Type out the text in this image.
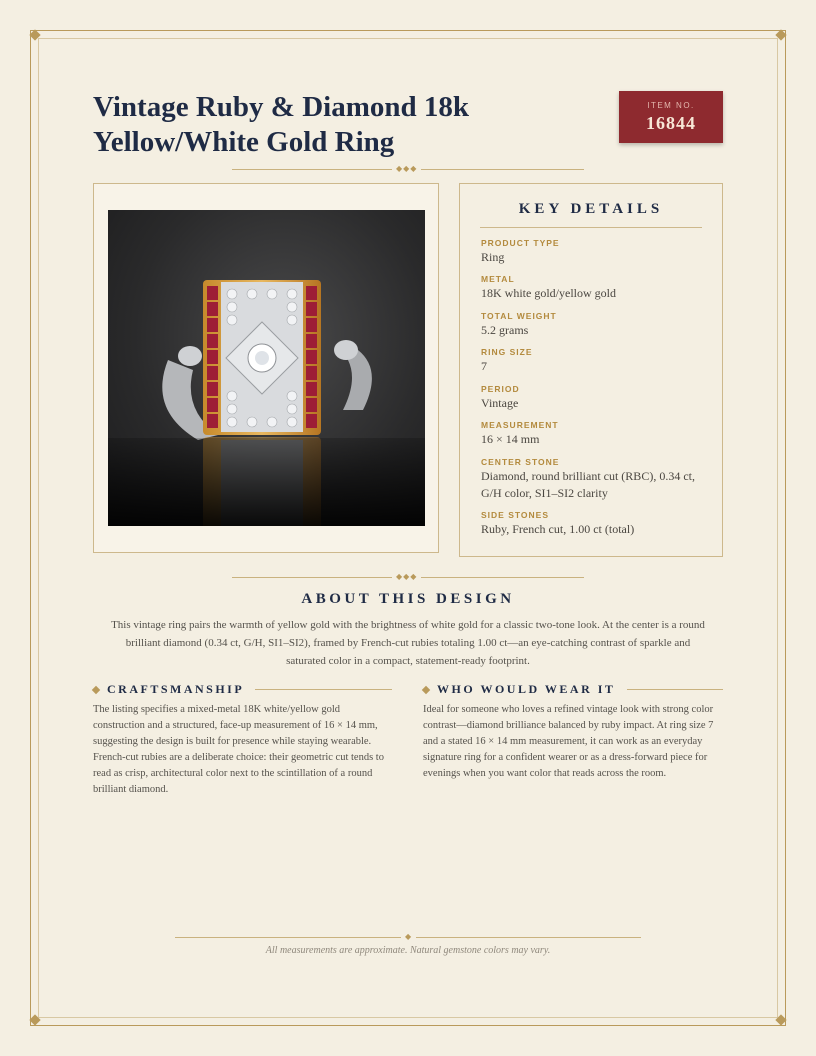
Vintage Ruby & Diamond 18k Yellow/White Gold Ring
ITEM NO.
16844
◆◆◆
KEY DETAILS
PRODUCT TYPE
Ring
METAL
18K white gold/yellow gold
TOTAL WEIGHT
5.2 grams
RING SIZE
7
PERIOD
Vintage
MEASUREMENT
16 × 14 mm
CENTER STONE
Diamond, round brilliant cut (RBC), 0.34 ct, G/H color, SI1–SI2 clarity
SIDE STONES
Ruby, French cut, 1.00 ct (total)
◆◆◆
ABOUT THIS DESIGN

This vintage ring pairs the warmth of yellow gold with the brightness of white gold for a classic two-tone look. At the center is a round brilliant diamond (0.34 ct, G/H, SI1–SI2), framed by French-cut rubies totaling 1.00 ct—an eye-catching contrast of sparkle and saturated color in a compact, statement-ready footprint.

CRAFTSMANSHIP

The listing specifies a mixed-metal 18K white/yellow gold construction and a structured, face-up measurement of 16 × 14 mm, suggesting the design is built for presence while staying wearable. French-cut rubies are a deliberate choice: their geometric cut tends to read as crisp, architectural color next to the scintillation of a round brilliant diamond.

WHO WOULD WEAR IT

Ideal for someone who loves a refined vintage look with strong color contrast—diamond brilliance balanced by ruby impact. At ring size 7 and a stated 16 × 14 mm measurement, it can work as an everyday signature ring for a confident wearer or as a dress-forward piece for evenings when you want color that reads across the room.

◆

All measurements are approximate. Natural gemstone colors may vary.
